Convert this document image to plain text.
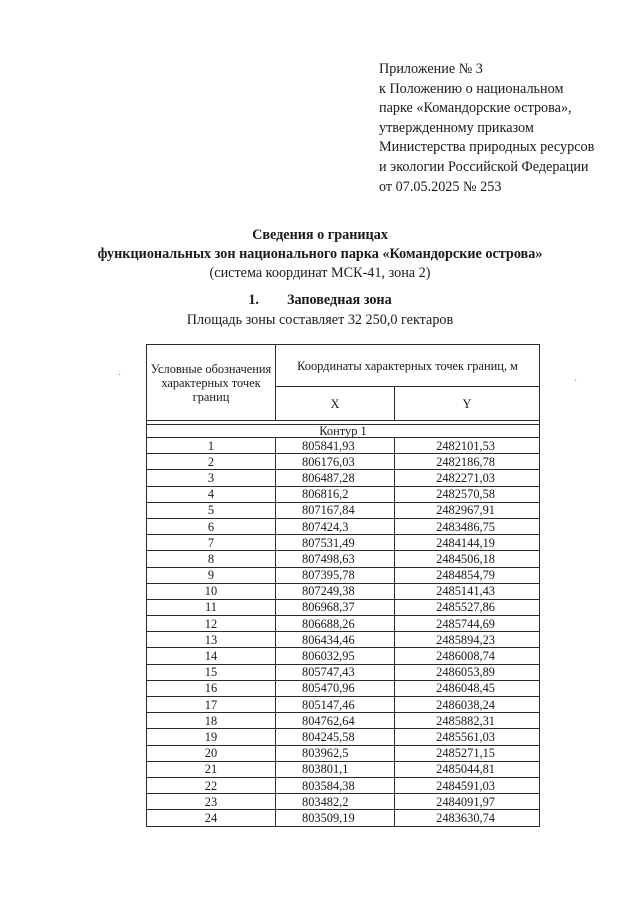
Приложение № 3
к Положению о национальном
парке «Командорские острова»,
утвержденному приказом
Министерства природных ресурсов
и экологии Российской Федерации
от 07.05.2025 № 253
Сведения о границах
функциональных зон национального парка «Командорские острова»
(система координат МСК-41, зона 2)
1. Заповедная зона
Площадь зоны составляет 32 250,0 гектаров
Условные обозначения характерных точек границ	Координаты характерных точек границ, м	
	X	Y

Контур 1		
1	805841,93	2482101,53
2	806176,03	2482186,78
3	806487,28	2482271,03
4	806816,2	2482570,58
5	807167,84	2482967,91
6	807424,3	2483486,75
7	807531,49	2484144,19
8	807498,63	2484506,18
9	807395,78	2484854,79
10	807249,38	2485141,43
11	806968,37	2485527,86
12	806688,26	2485744,69
13	806434,46	2485894,23
14	806032,95	2486008,74
15	805747,43	2486053,89
16	805470,96	2486048,45
17	805147,46	2486038,24
18	804762,64	2485882,31
19	804245,58	2485561,03
20	803962,5	2485271,15
21	803801,1	2485044,81
22	803584,38	2484591,03
23	803482,2	2484091,97
24	803509,19	2483630,74
·
·
